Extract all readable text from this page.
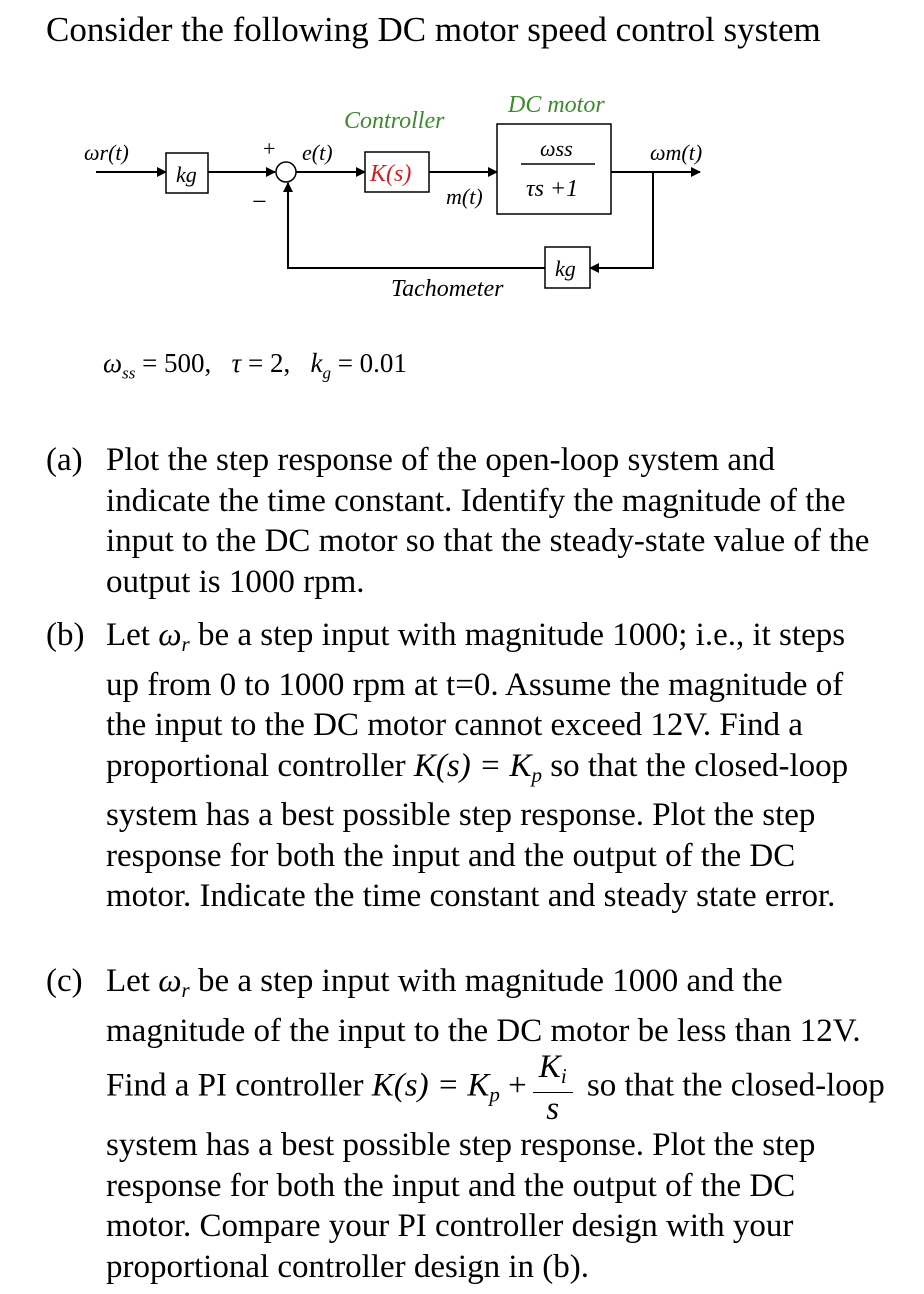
Consider the following DC motor speed control system
Controller
DC motor
ωr(t)
kg
+
−
e(t)
K(s)
m(t)
ωss
τs +1
ωm(t)
kg
Tachometer
$\omega_{ss} = 500$, τ = 2, $k_g = 0.01$
(a) Plot the step response of the open-loop system and indicate the time constant. Identify the magnitude of the input to the DC motor so that the steady-state value of the output is 1000 rpm.
(b) Let $\omega_r$ be a step input with magnitude 1000; i.e., it steps up from 0 to 1000 rpm at t=0. Assume the magnitude of the input to the DC motor cannot exceed 12V. Find a proportional controller $K(s) = K_p$ so that the closed-loop system has a best possible step response. Plot the step response for both the input and the output of the DC motor. Indicate the time constant and steady state error.
(c) Let $\omega_r$ be a step input with magnitude 1000 and the magnitude of the input to the DC motor be less than 12V. Find a PI controller $K(s) = K_p + \frac{K_i}{s}$ so that the closed-loop system has a best possible step response. Plot the step response for both the input and the output of the DC motor. Compare your PI controller design with your proportional controller design in (b).
